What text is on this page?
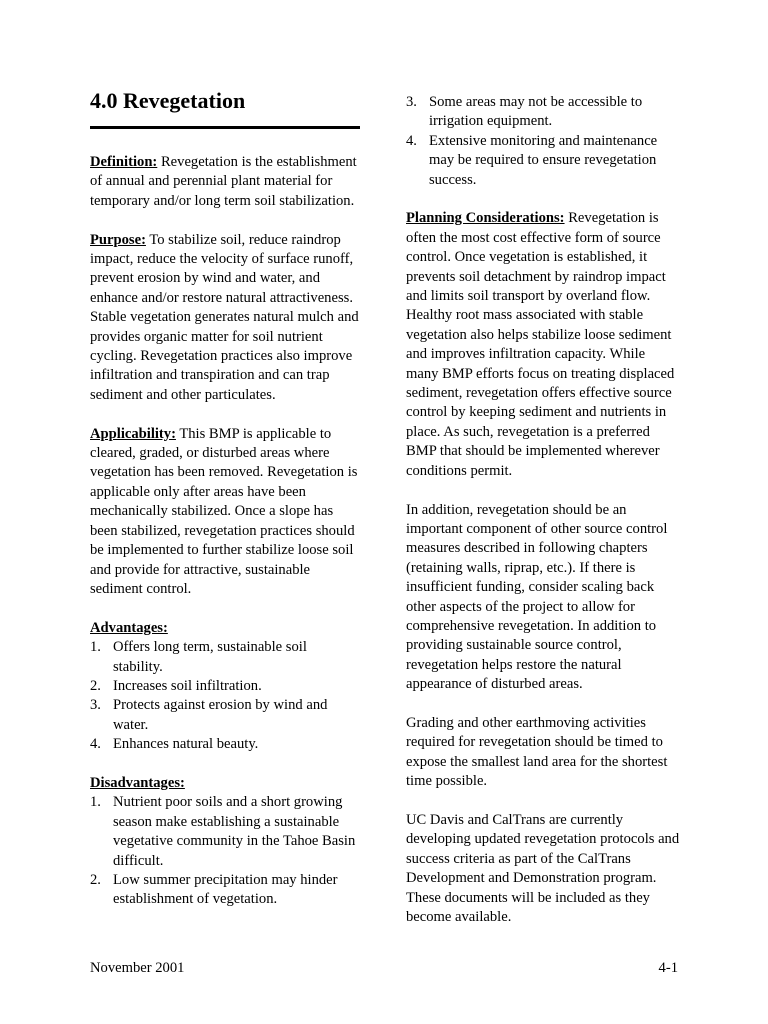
4.0 Revegetation

Definition: Revegetation is the establishment of annual and perennial plant material for temporary and/or long term soil stabilization.

Purpose: To stabilize soil, reduce raindrop impact, reduce the velocity of surface runoff, prevent erosion by wind and water, and enhance and/or restore natural attractiveness. Stable vegetation generates natural mulch and provides organic matter for soil nutrient cycling. Revegetation practices also improve infiltration and transpiration and can trap sediment and other particulates.

Applicability: This BMP is applicable to cleared, graded, or disturbed areas where vegetation has been removed. Revegetation is applicable only after areas have been mechanically stabilized. Once a slope has been stabilized, revegetation practices should be implemented to further stabilize loose soil and provide for attractive, sustainable sediment control.

Advantages:
1. Offers long term, sustainable soil stability.
2. Increases soil infiltration.
3. Protects against erosion by wind and water.
4. Enhances natural beauty.
Disadvantages:
1. Nutrient poor soils and a short growing season make establishing a sustainable vegetative community in the Tahoe Basin difficult.
2. Low summer precipitation may hinder establishment of vegetation.
3. Some areas may not be accessible to irrigation equipment.
4. Extensive monitoring and maintenance may be required to ensure revegetation success.

Planning Considerations: Revegetation is often the most cost effective form of source control. Once vegetation is established, it prevents soil detachment by raindrop impact and limits soil transport by overland flow. Healthy root mass associated with stable vegetation also helps stabilize loose sediment and improves infiltration capacity. While many BMP efforts focus on treating displaced sediment, revegetation offers effective source control by keeping sediment and nutrients in place. As such, revegetation is a preferred BMP that should be implemented wherever conditions permit.

In addition, revegetation should be an important component of other source control measures described in following chapters (retaining walls, riprap, etc.). If there is insufficient funding, consider scaling back other aspects of the project to allow for comprehensive revegetation. In addition to providing sustainable source control, revegetation helps restore the natural appearance of disturbed areas.

Grading and other earthmoving activities required for revegetation should be timed to expose the smallest land area for the shortest time possible.

UC Davis and CalTrans are currently developing updated revegetation protocols and success criteria as part of the CalTrans Development and Demonstration program. These documents will be included as they become available.

November 2001	4-1
